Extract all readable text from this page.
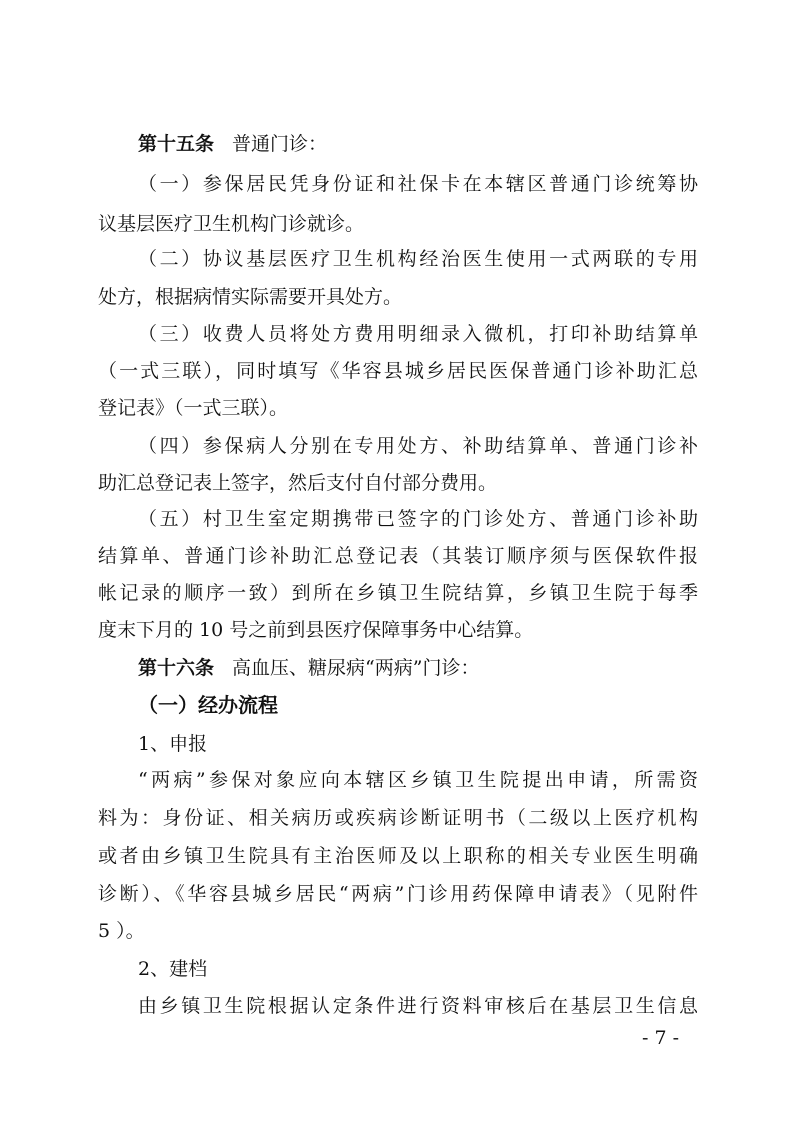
第十五条 普通门诊：
（一）参保居民凭身份证和社保卡在本辖区普通门诊统筹协
议基层医疗卫生机构门诊就诊。
（二）协议基层医疗卫生机构经治医生使用一式两联的专用
处方，根据病情实际需要开具处方。
（三）收费人员将处方费用明细录入微机，打印补助结算单
（一式三联），同时填写《华容县城乡居民医保普通门诊补助汇总
登记表》（一式三联）。
（四）参保病人分别在专用处方、补助结算单、普通门诊补
助汇总登记表上签字，然后支付自付部分费用。
（五）村卫生室定期携带已签字的门诊处方、普通门诊补助
结算单、普通门诊补助汇总登记表（其装订顺序须与医保软件报
帐记录的顺序一致）到所在乡镇卫生院结算，乡镇卫生院于每季
度末下月的 10 号之前到县医疗保障事务中心结算。
第十六条 高血压、糖尿病“两病”门诊：
（一）经办流程
1、申报
“两病”参保对象应向本辖区乡镇卫生院提出申请，所需资
料为：身份证、相关病历或疾病诊断证明书（二级以上医疗机构
或者由乡镇卫生院具有主治医师及以上职称的相关专业医生明确
诊断）、《华容县城乡居民“两病”门诊用药保障申请表》（见附件
5 ）。
2、建档
由乡镇卫生院根据认定条件进行资料审核后在基层卫生信息
- 7 -
